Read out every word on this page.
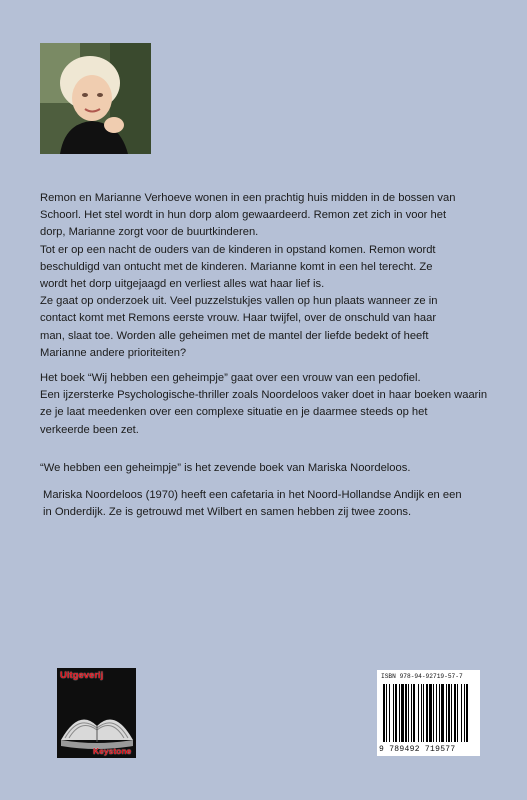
Remon en Marianne Verhoeve wonen in een prachtig huis midden in de bossen van

Schoorl. Het stel wordt in hun dorp alom gewaardeerd. Remon zet zich in voor het

dorp, Marianne zorgt voor de buurtkinderen.

Tot er op een nacht de ouders van de kinderen in opstand komen. Remon wordt

beschuldigd van ontucht met de kinderen. Marianne komt in een hel terecht. Ze

wordt het dorp uitgejaagd en verliest alles wat haar lief is.

Ze gaat op onderzoek uit. Veel puzzelstukjes vallen op hun plaats wanneer ze in

contact komt met Remons eerste vrouw. Haar twijfel, over de onschuld van haar

man, slaat toe. Worden alle geheimen met de mantel der liefde bedekt of heeft

Marianne andere prioriteiten?

Het boek “Wij hebben een geheimpje” gaat over een vrouw van een pedofiel.

Een ijzersterke Psychologische-thriller zoals Noordeloos vaker doet in haar boeken waarin

ze je laat meedenken over een complexe situatie en je daarmee steeds op het

verkeerde been zet.

“We hebben een geheimpje” is het zevende boek van Mariska Noordeloos.

Mariska Noordeloos (1970) heeft een cafetaria in het Noord-Hollandse Andijk en een

in Onderdijk. Ze is getrouwd met Wilbert en samen hebben zij twee zoons.

Uitgeverij
Keystone
ISBN 978-94-92719-57-7
9 789492 719577
